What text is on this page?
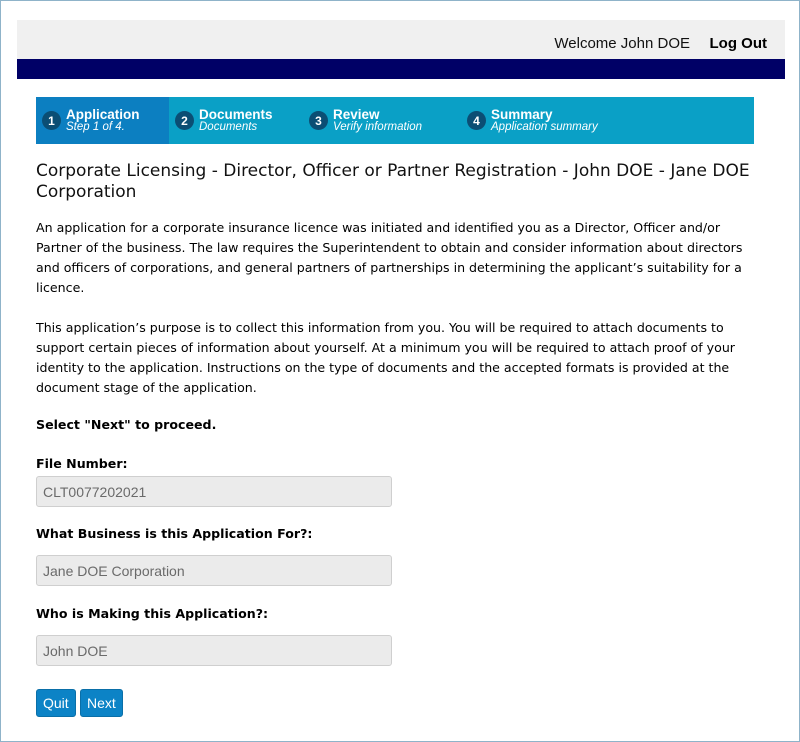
Welcome John DOE Log Out
1 Application
Step 1 of 4.	2 Documents
Documents	3 Review
Verify information	4 Summary
Application summary
Corporate Licensing - Director, Officer or Partner Registration - John DOE - Jane DOE Corporation

An application for a corporate insurance licence was initiated and identified you as a Director, Officer and/or Partner of the business. The law requires the Superintendent to obtain and consider information about directors and officers of corporations, and general partners of partnerships in determining the applicant’s suitability for a licence.

This application’s purpose is to collect this information from you. You will be required to attach documents to support certain pieces of information about yourself. At a minimum you will be required to attach proof of your identity to the application. Instructions on the type of documents and the accepted formats is provided at the document stage of the application.

Select "Next" to proceed.
File Number:
CLT0077202021
What Business is this Application For?:
Jane DOE Corporation
Who is Making this Application?:
John DOE
Quit	Next
